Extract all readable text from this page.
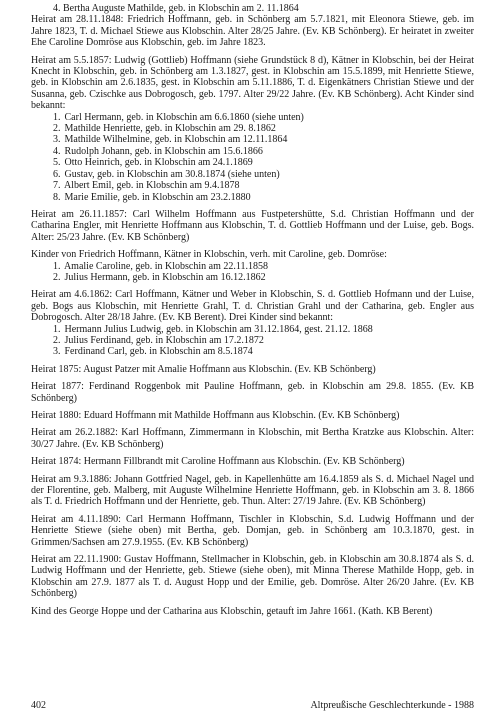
4. Bertha Auguste Mathilde, geb. in Klobschin am 2. 11.1864

Heirat am 28.11.1848: Friedrich Hoffmann, geb. in Schönberg am 5.7.1821, mit Eleonora Stiewe, geb. im Jahre 1823, T. d. Michael Stiewe aus Klobschin. Alter 28/25 Jahre. (Ev. KB Schönberg). Er heiratet in zweiter Ehe Caroline Domröse aus Klobschin, geb. im Jahre 1823.

Heirat am 5.5.1857: Ludwig (Gottlieb) Hoffmann (siehe Grundstück 8 d), Kätner in Klobschin, bei der Heirat Knecht in Klobschin, geb. in Schönberg am 1.3.1827, gest. in Klobschin am 15.5.1899, mit Henriette Stiewe, geb. in Klobschin am 2.6.1835, gest. in Klobschin am 5.11.1886, T. d. Eigenkätners Christian Stiewe und der Susanna, geb. Czischke aus Dobrogosch, geb. 1797. Alter 29/22 Jahre. (Ev. KB Schönberg). Acht Kinder sind bekannt:

1. Carl Hermann, geb. in Klobschin am 6.6.1860 (siehe unten)
2. Mathilde Henriette, geb. in Klobschin am 29. 8.1862
3. Mathilde Wilhelmine, geb. in Klobschin am 12.11.1864
4. Rudolph Johann, geb. in Klobschin am 15.6.1866
5. Otto Heinrich, geb. in Klobschin am 24.1.1869
6. Gustav, geb. in Klobschin am 30.8.1874 (siehe unten)
7. Albert Emil, geb. in Klobschin am 9.4.1878
8. Marie Emilie, geb. in Klobschin am 23.2.1880

Heirat am 26.11.1857: Carl Wilhelm Hoffmann aus Fustpetershütte, S.d. Christian Hoffmann und der Catharina Engler, mit Henriette Hoffmann aus Klobschin, T. d. Gottlieb Hoffmann und der Luise, geb. Bogs. Alter: 25/23 Jahre. (Ev. KB Schönberg)

Kinder von Friedrich Hoffmann, Kätner in Klobschin, verh. mit Caroline, geb. Domröse:

1. Amalie Caroline, geb. in Klobschin am 22.11.1858
2. Julius Hermann, geb. in Klobschin am 16.12.1862

Heirat am 4.6.1862: Carl Hoffmann, Kätner und Weber in Klobschin, S. d. Gottlieb Hofmann und der Luise, geb. Bogs aus Klobschin, mit Henriette Grahl, T. d. Christian Grahl und der Catharina, geb. Engler aus Dobrogosch. Alter 28/18 Jahre. (Ev. KB Berent). Drei Kinder sind bekannt:

1. Hermann Julius Ludwig, geb. in Klobschin am 31.12.1864, gest. 21.12. 1868
2. Julius Ferdinand, geb. in Klobschin am 17.2.1872
3. Ferdinand Carl, geb. in Klobschin am 8.5.1874

Heirat 1875: August Patzer mit Amalie Hoffmann aus Klobschin. (Ev. KB Schönberg)

Heirat 1877: Ferdinand Roggenbok mit Pauline Hoffmann, geb. in Klobschin am 29.8. 1855. (Ev. KB Schönberg)

Heirat 1880: Eduard Hoffmann mit Mathilde Hoffmann aus Klobschin. (Ev. KB Schönberg)

Heirat am 26.2.1882: Karl Hoffmann, Zimmermann in Klobschin, mit Bertha Kratzke aus Klobschin. Alter: 30/27 Jahre. (Ev. KB Schönberg)

Heirat 1874: Hermann Fillbrandt mit Caroline Hoffmann aus Klobschin. (Ev. KB Schönberg)

Heirat am 9.3.1886: Johann Gottfried Nagel, geb. in Kapellenhütte am 16.4.1859 als S. d. Michael Nagel und der Florentine, geb. Malberg, mit Auguste Wilhelmine Henriette Hoffmann, geb. in Klobschin am 3. 8. 1866 als T. d. Friedrich Hoffmann und der Henriette, geb. Thun. Alter: 27/19 Jahre. (Ev. KB Schönberg)

Heirat am 4.11.1890: Carl Hermann Hoffmann, Tischler in Klobschin, S.d. Ludwig Hoffmann und der Henriette Stiewe (siehe oben) mit Bertha, geb. Domjan, geb. in Schönberg am 10.3.1870, gest. in Grimmen/Sachsen am 27.9.1955. (Ev. KB Schönberg)

Heirat am 22.11.1900: Gustav Hoffmann, Stellmacher in Klobschin, geb. in Klobschin am 30.8.1874 als S. d. Ludwig Hoffmann und der Henriette, geb. Stiewe (siehe oben), mit Minna Therese Mathilde Hopp, geb. in Klobschin am 27.9. 1877 als T. d. August Hopp und der Emilie, geb. Domröse. Alter 26/20 Jahre. (Ev. KB Schönberg)

Kind des George Hoppe und der Catharina aus Klobschin, getauft im Jahre 1661. (Kath. KB Berent)

402	Altpreußische Geschlechterkunde - 1988
